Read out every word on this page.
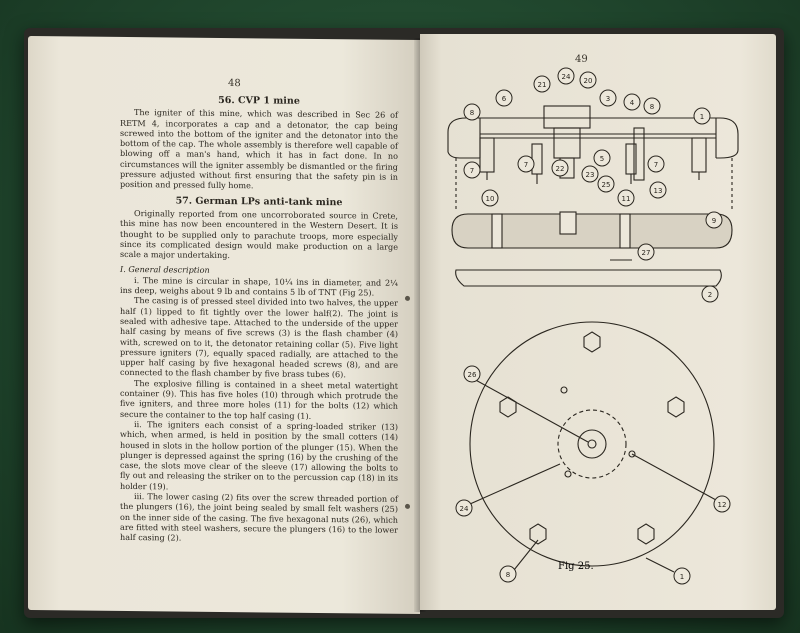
48
56. CVP 1 mine

The igniter of this mine, which was described in Sec 26 of RETM 4, incorporates a cap and a detonator, the cap being screwed into the bottom of the igniter and the detonator into the bottom of the cap. The whole assembly is therefore well capable of blowing off a man's hand, which it has in fact done. In no circumstances will the igniter assembly be dismantled or the firing pressure adjusted without first ensuring that the safety pin is in position and pressed fully home.

57. German LPs anti-tank mine

Originally reported from one uncorroborated source in Crete, this mine has now been encountered in the Western Desert. It is thought to be supplied only to parachute troops, more especially since its complicated design would make production on a large scale a major undertaking.

I. General description

i. The mine is circular in shape, 10¼ ins in diameter, and 2¼ ins deep, weighs about 9 lb and contains 5 lb of TNT (Fig 25).

The casing is of pressed steel divided into two halves, the upper half (1) lipped to fit tightly over the lower half(2). The joint is sealed with adhesive tape. Attached to the underside of the upper half casing by means of five screws (3) is the flash chamber (4) with, screwed on to it, the detonator retaining collar (5). Five light pressure igniters (7), equally spaced radially, are attached to the upper half casing by five hexagonal headed screws (8), and are connected to the flash chamber by five brass tubes (6).

The explosive filling is contained in a sheet metal watertight container (9). This has five holes (10) through which protrude the five igniters, and three more holes (11) for the bolts (12) which secure the container to the top half casing (1).

ii. The igniters each consist of a spring-loaded striker (13) which, when armed, is held in position by the small cotters (14) housed in slots in the hollow portion of the plunger (15). When the plunger is depressed against the spring (16) by the crushing of the case, the slots move clear of the sleeve (17) allowing the bolts to fly out and releasing the striker on to the percussion cap (18) in its holder (19).

iii. The lower casing (2) fits over the screw threaded portion of the plungers (16), the joint being sealed by small felt washers (25) on the inner side of the casing. The five hexagonal nuts (26), which are fitted with steel washers, secure the plungers (16) to the lower half casing (2).

49
8
6
21
24 20
3	4 8
1
7
7	22
5
23
25
7
13
10	11
9
27
2
26
24	12
8	1
Fig 25.
